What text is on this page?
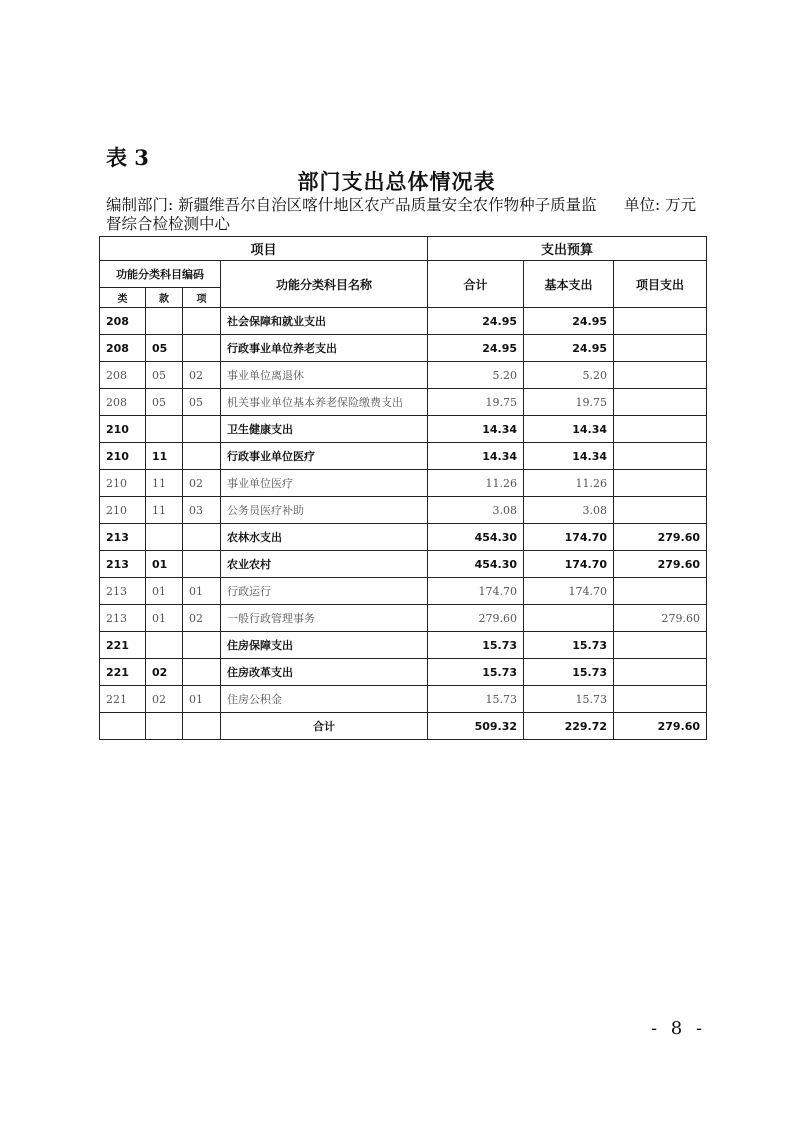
表 3
部门支出总体情况表
编制部门: 新疆维吾尔自治区喀什地区农产品质量安全农作物种子质量监督综合检检测中心
单位: 万元
项目				支出预算		
功能分类科目编码			功能分类科目名称	合计	基本支出	项目支出
类	款	项				
208			社会保障和就业支出	24.95	24.95	
208	05		行政事业单位养老支出	24.95	24.95	
208	05	02	事业单位离退休	5.20	5.20	
208	05	05	机关事业单位基本养老保险缴费支出	19.75	19.75	
210			卫生健康支出	14.34	14.34	
210	11		行政事业单位医疗	14.34	14.34	
210	11	02	事业单位医疗	11.26	11.26	
210	11	03	公务员医疗补助	3.08	3.08	
213			农林水支出	454.30	174.70	279.60
213	01		农业农村	454.30	174.70	279.60
213	01	01	行政运行	174.70	174.70	
213	01	02	一般行政管理事务	279.60		279.60
221			住房保障支出	15.73	15.73	
221	02		住房改革支出	15.73	15.73	
221	02	01	住房公积金	15.73	15.73	
			合计	509.32	229.72	279.60
- 8 -
